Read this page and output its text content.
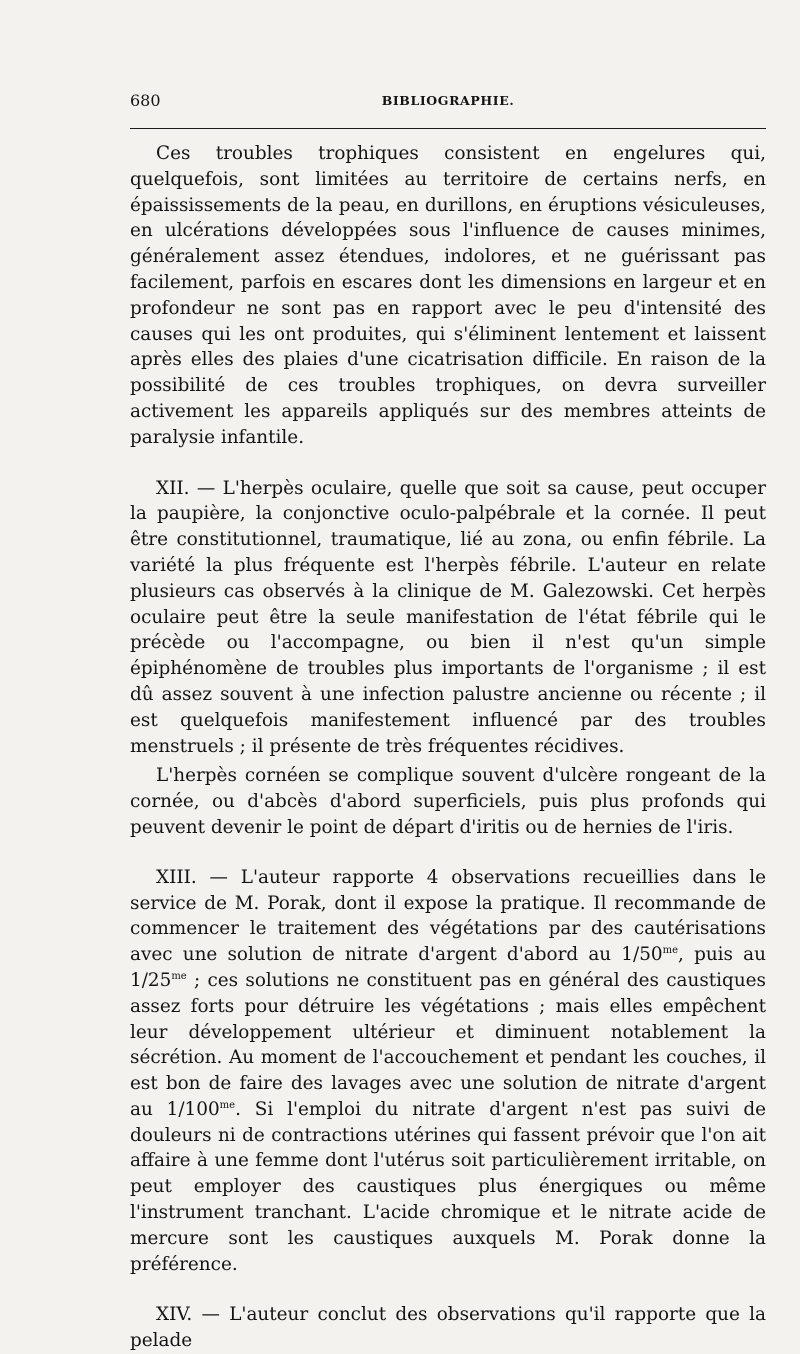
680	BIBLIOGRAPHIE.

Ces troubles trophiques consistent en engelures qui, quelquefois, sont limitées au territoire de certains nerfs, en épaississements de la peau, en durillons, en éruptions vésiculeuses, en ulcérations développées sous l'influence de causes minimes, généralement assez étendues, indolores, et ne guérissant pas facilement, parfois en escares dont les dimensions en largeur et en profondeur ne sont pas en rapport avec le peu d'intensité des causes qui les ont produites, qui s'éliminent lentement et laissent après elles des plaies d'une cicatrisation difficile. En raison de la possibilité de ces troubles trophiques, on devra surveiller activement les appareils appliqués sur des membres atteints de paralysie infantile.

XII. — L'herpès oculaire, quelle que soit sa cause, peut occuper la paupière, la conjonctive oculo-palpébrale et la cornée. Il peut être constitutionnel, traumatique, lié au zona, ou enfin fébrile. La variété la plus fréquente est l'herpès fébrile. L'auteur en relate plusieurs cas observés à la clinique de M. Galezowski. Cet herpès oculaire peut être la seule manifestation de l'état fébrile qui le précède ou l'accompagne, ou bien il n'est qu'un simple épiphénomène de troubles plus importants de l'organisme ; il est dû assez souvent à une infection palustre ancienne ou récente ; il est quelquefois manifestement influencé par des troubles menstruels ; il présente de très fréquentes récidives.

L'herpès cornéen se complique souvent d'ulcère rongeant de la cornée, ou d'abcès d'abord superficiels, puis plus profonds qui peuvent devenir le point de départ d'iritis ou de hernies de l'iris.

XIII. — L'auteur rapporte 4 observations recueillies dans le service de M. Porak, dont il expose la pratique. Il recommande de commencer le traitement des végétations par des cautérisations avec une solution de nitrate d'argent d'abord au $1/50^{me}$, puis au $1/25^{me}$ ; ces solutions ne constituent pas en général des caustiques assez forts pour détruire les végétations ; mais elles empêchent leur développement ultérieur et diminuent notablement la sécrétion. Au moment de l'accouchement et pendant les couches, il est bon de faire des lavages avec une solution de nitrate d'argent au $1/100^{me}$. Si l'emploi du nitrate d'argent n'est pas suivi de douleurs ni de contractions utérines qui fassent prévoir que l'on ait affaire à une femme dont l'utérus soit particulièrement irritable, on peut employer des caustiques plus énergiques ou même l'instrument tranchant. L'acide chromique et le nitrate acide de mercure sont les caustiques auxquels M. Porak donne la préférence.

XIV. — L'auteur conclut des observations qu'il rapporte que la pelade
